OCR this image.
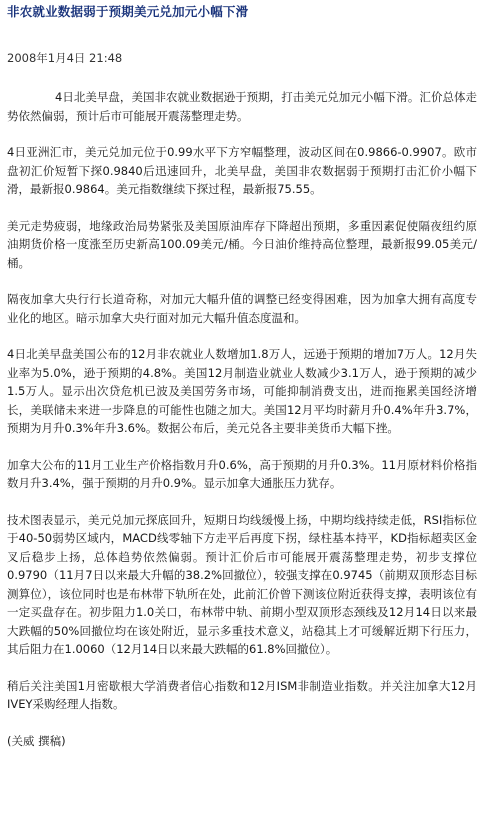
非农就业数据弱于预期美元兑加元小幅下滑
2008年1月4日 21:48

4日北美早盘，美国非农就业数据逊于预期，打击美元兑加元小幅下滑。汇价总体走势依然偏弱，预计后市可能展开震荡整理走势。

4日亚洲汇市，美元兑加元位于0.99水平下方窄幅整理，波动区间在0.9866-0.9907。欧市盘初汇价短暂下探0.9840后迅速回升，北美早盘，美国非农数据弱于预期打击汇价小幅下滑，最新报0.9864。美元指数继续下探过程，最新报75.55。

美元走势疲弱，地缘政治局势紧张及美国原油库存下降超出预期，多重因素促使隔夜纽约原油期货价格一度涨至历史新高100.09美元/桶。今日油价维持高位整理，最新报99.05美元/桶。

隔夜加拿大央行行长道奇称，对加元大幅升值的调整已经变得困难，因为加拿大拥有高度专业化的地区。暗示加拿大央行面对加元大幅升值态度温和。

4日北美早盘美国公布的12月非农就业人数增加1.8万人，远逊于预期的增加7万人。12月失业率为5.0%，逊于预期的4.8%。美国12月制造业就业人数减少3.1万人，逊于预期的减少1.5万人。显示出次贷危机已波及美国劳务市场，可能抑制消费支出，进而拖累美国经济增长，美联储未来进一步降息的可能性也随之加大。美国12月平均时薪月升0.4%年升3.7%，预期为月升0.3%年升3.6%。数据公布后，美元兑各主要非美货币大幅下挫。

加拿大公布的11月工业生产价格指数月升0.6%，高于预期的月升0.3%。11月原材料价格指数月升3.4%，强于预期的月升0.9%。显示加拿大通胀压力犹存。

技术图表显示，美元兑加元探底回升，短期日均线缓慢上扬，中期均线持续走低，RSI指标位于40-50弱势区域内，MACD线零轴下方走平后再度下拐，绿柱基本持平，KD指标超卖区金叉后稳步上扬，总体趋势依然偏弱。预计汇价后市可能展开震荡整理走势，初步支撑位0.9790（11月7日以来最大升幅的38.2%回撤位），较强支撑在0.9745（前期双顶形态目标测算位），该位同时也是布林带下轨所在处，此前汇价曾下测该位附近获得支撑，表明该位有一定买盘存在。初步阻力1.0关口，布林带中轨、前期小型双顶形态颈线及12月14日以来最大跌幅的50%回撤位均在该处附近，显示多重技术意义，站稳其上才可缓解近期下行压力，其后阻力在1.0060（12月14日以来最大跌幅的61.8%回撤位）。

稍后关注美国1月密歇根大学消费者信心指数和12月ISM非制造业指数。并关注加拿大12月IVEY采购经理人指数。

(关威 撰稿)
